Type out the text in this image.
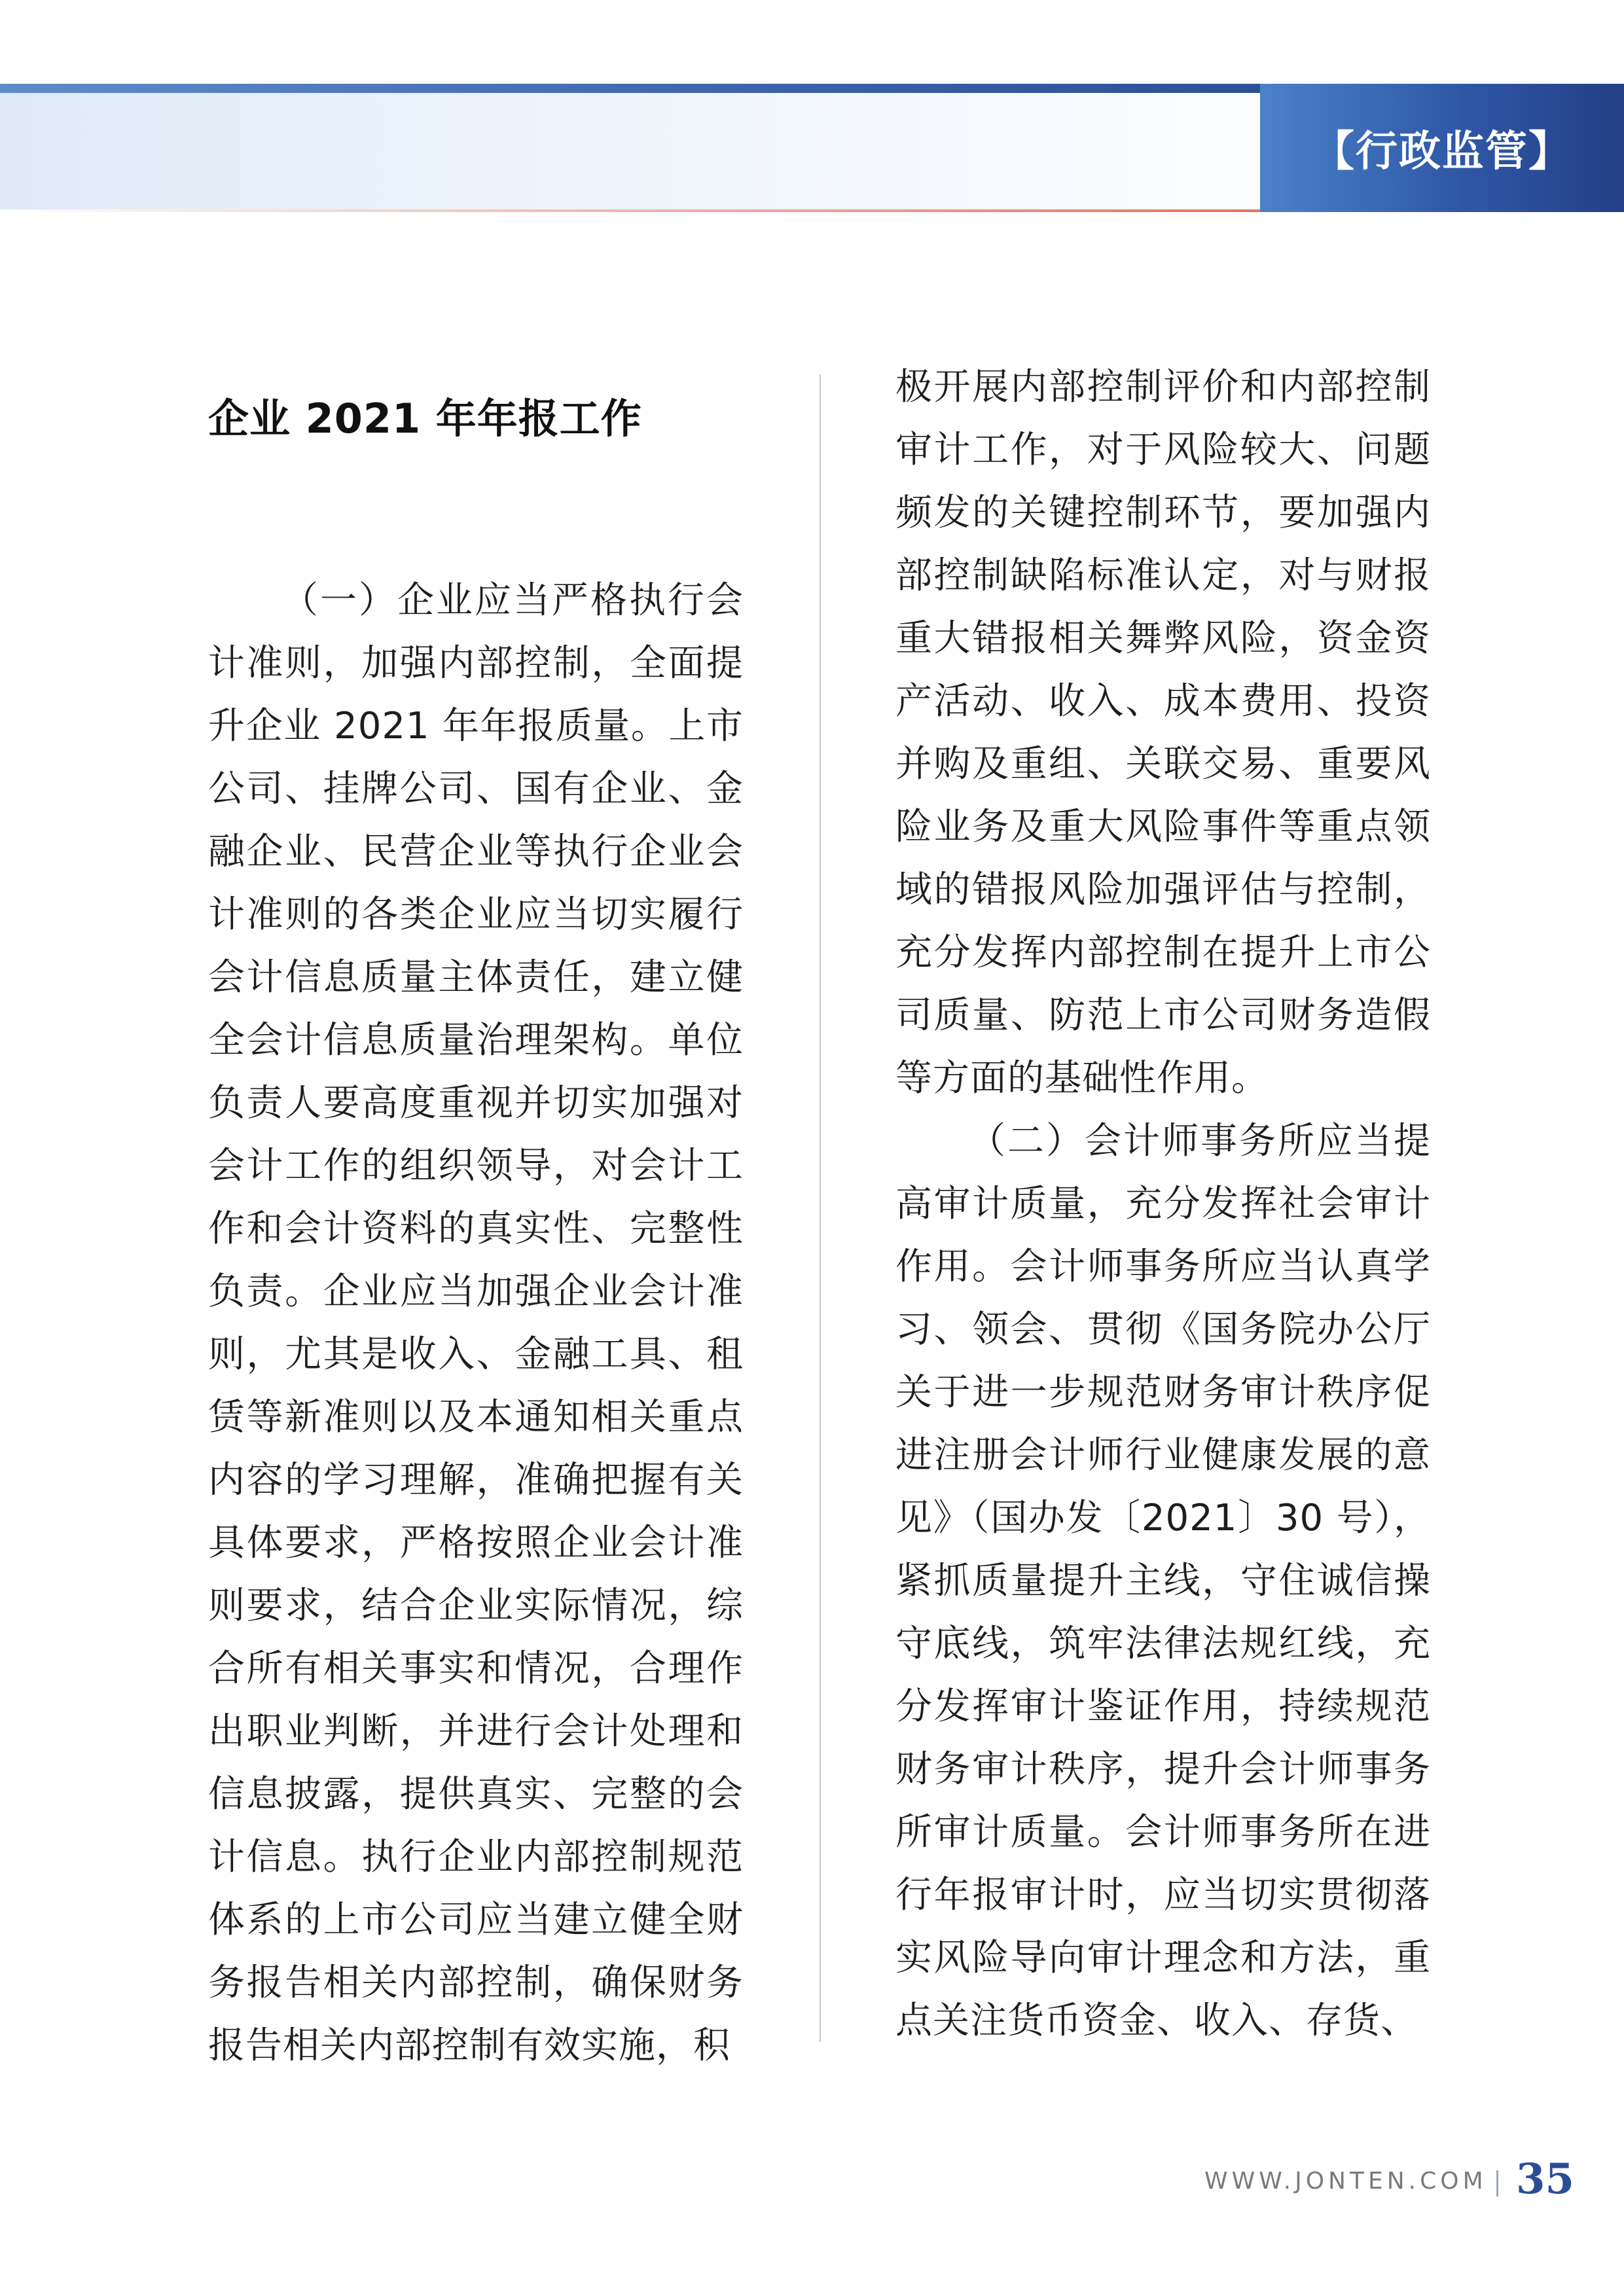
【行政监管】
企业 2021 年年报工作

（一）企业应当严格执行会计准则，加强内部控制，全面提升企业 2021 年年报质量。上市公司、挂牌公司、国有企业、金融企业、民营企业等执行企业会计准则的各类企业应当切实履行会计信息质量主体责任，建立健全会计信息质量治理架构。单位负责人要高度重视并切实加强对会计工作的组织领导，对会计工作和会计资料的真实性、完整性负责。企业应当加强企业会计准则，尤其是收入、金融工具、租赁等新准则以及本通知相关重点内容的学习理解，准确把握有关具体要求，严格按照企业会计准则要求，结合企业实际情况，综合所有相关事实和情况，合理作出职业判断，并进行会计处理和信息披露，提供真实、完整的会计信息。执行企业内部控制规范体系的上市公司应当建立健全财务报告相关内部控制，确保财务报告相关内部控制有效实施，积

极开展内部控制评价和内部控制审计工作，对于风险较大、问题频发的关键控制环节，要加强内部控制缺陷标准认定，对与财报重大错报相关舞弊风险，资金资产活动、收入、成本费用、投资并购及重组、关联交易、重要风险业务及重大风险事件等重点领域的错报风险加强评估与控制，充分发挥内部控制在提升上市公司质量、防范上市公司财务造假等方面的基础性作用。

（二）会计师事务所应当提高审计质量，充分发挥社会审计作用。会计师事务所应当认真学习、领会、贯彻《国务院办公厅关于进一步规范财务审计秩序促进注册会计师行业健康发展的意见》（国办发〔2021〕30 号），紧抓质量提升主线，守住诚信操守底线，筑牢法律法规红线，充分发挥审计鉴证作用，持续规范财务审计秩序，提升会计师事务所审计质量。会计师事务所在进行年报审计时，应当切实贯彻落实风险导向审计理念和方法，重点关注货币资金、收入、存货、

WWW.JONTEN.COM 35
